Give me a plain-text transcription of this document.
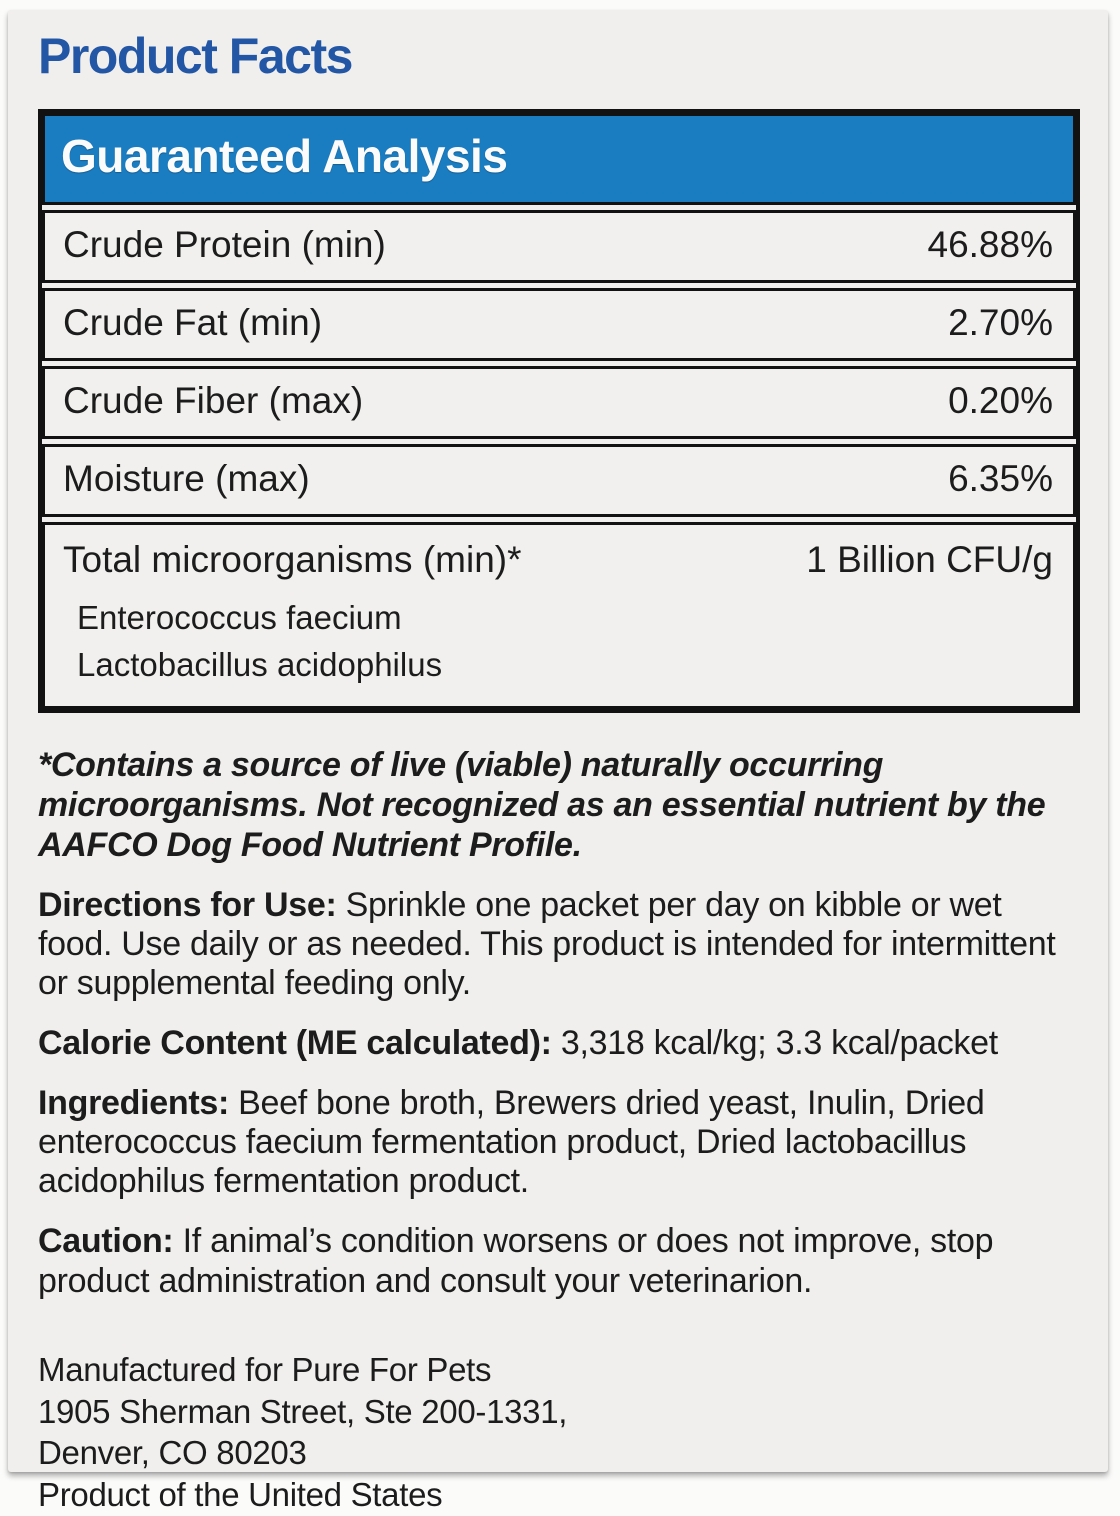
Product Facts
Guaranteed Analysis
Crude Protein (min)	46.88%
Crude Fat (min)	2.70%
Crude Fiber (max)	0.20%
Moisture (max)	6.35%
Total microorganisms (min)*	1 Billion CFU/g
Enterococcus faecium
Lactobacillus acidophilus

*Contains a source of live (viable) naturally occurring microorganisms. Not recognized as an essential nutrient by the AAFCO Dog Food Nutrient Profile.

Directions for Use: Sprinkle one packet per day on kibble or wet food. Use daily or as needed. This product is intended for intermittent or supplemental feeding only.

Calorie Content (ME calculated): 3,318 kcal/kg; 3.3 kcal/packet

Ingredients: Beef bone broth, Brewers dried yeast, Inulin, Dried enterococcus faecium fermentation product, Dried lactobacillus acidophilus fermentation product.

Caution: If animal’s condition worsens or does not improve, stop product administration and consult your veterinarion.

Manufactured for Pure For Pets
1905 Sherman Street, Ste 200-1331,
Denver, CO 80203
Product of the United States
